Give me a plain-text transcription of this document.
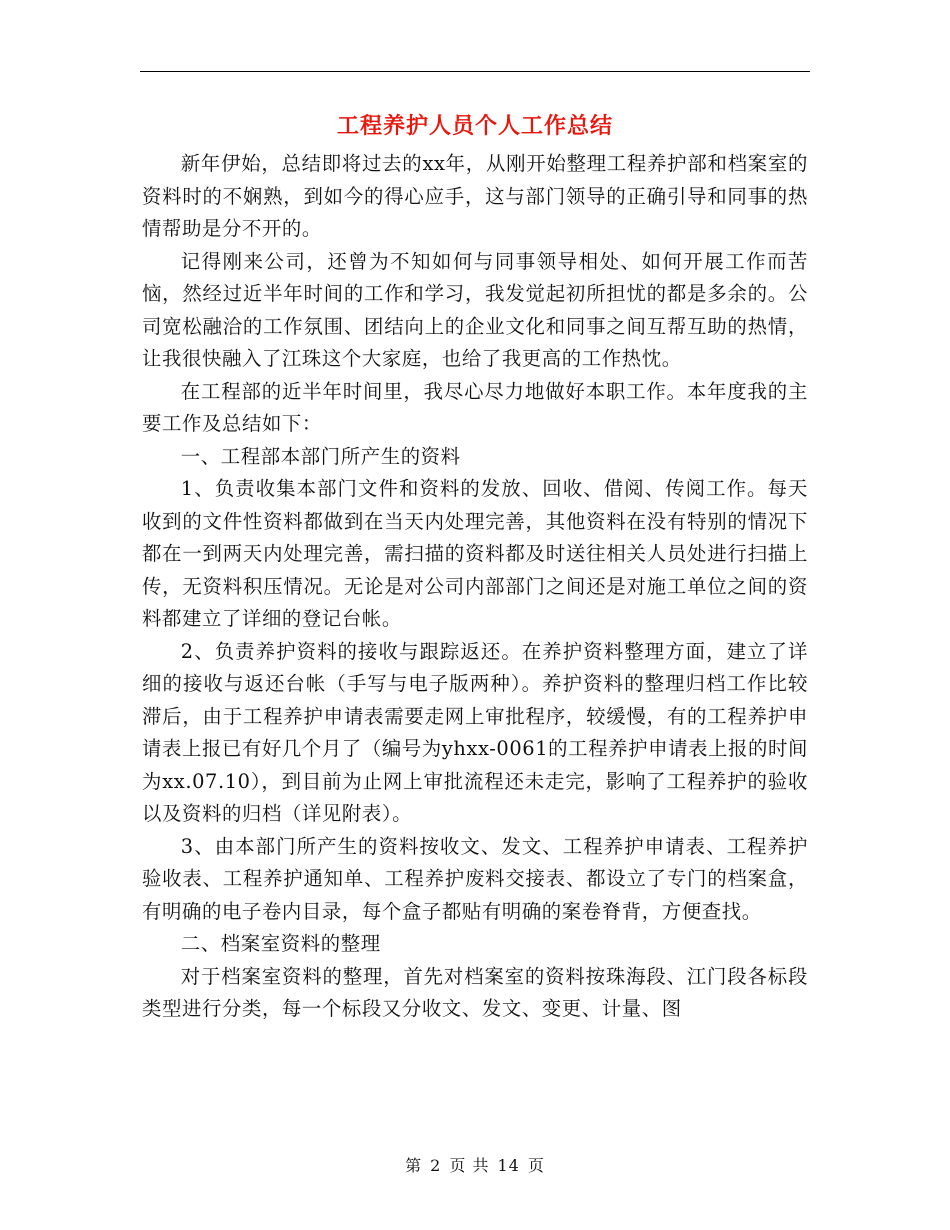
工程养护人员个人工作总结

新年伊始，总结即将过去的xx年，从刚开始整理工程养护部和档案室的资料时的不娴熟，到如今的得心应手，这与部门领导的正确引导和同事的热情帮助是分不开的。

记得刚来公司，还曾为不知如何与同事领导相处、如何开展工作而苦恼，然经过近半年时间的工作和学习，我发觉起初所担忧的都是多余的。公司宽松融洽的工作氛围、团结向上的企业文化和同事之间互帮互助的热情，让我很快融入了江珠这个大家庭，也给了我更高的工作热忱。

在工程部的近半年时间里，我尽心尽力地做好本职工作。本年度我的主要工作及总结如下：

一、工程部本部门所产生的资料

1、负责收集本部门文件和资料的发放、回收、借阅、传阅工作。每天收到的文件性资料都做到在当天内处理完善，其他资料在没有特别的情况下都在一到两天内处理完善，需扫描的资料都及时送往相关人员处进行扫描上传，无资料积压情况。无论是对公司内部部门之间还是对施工单位之间的资料都建立了详细的登记台帐。

2、负责养护资料的接收与跟踪返还。在养护资料整理方面，建立了详细的接收与返还台帐（手写与电子版两种）。养护资料的整理归档工作比较滞后，由于工程养护申请表需要走网上审批程序，较缓慢，有的工程养护申请表上报已有好几个月了（编号为yhxx-0061的工程养护申请表上报的时间为xx.07.10），到目前为止网上审批流程还未走完，影响了工程养护的验收以及资料的归档（详见附表）。

3、由本部门所产生的资料按收文、发文、工程养护申请表、工程养护验收表、工程养护通知单、工程养护废料交接表、都设立了专门的档案盒，有明确的电子卷内目录，每个盒子都贴有明确的案卷脊背，方便查找。

二、档案室资料的整理

对于档案室资料的整理，首先对档案室的资料按珠海段、江门段各标段类型进行分类，每一个标段又分收文、发文、变更、计量、图

第 2 页 共 14 页
